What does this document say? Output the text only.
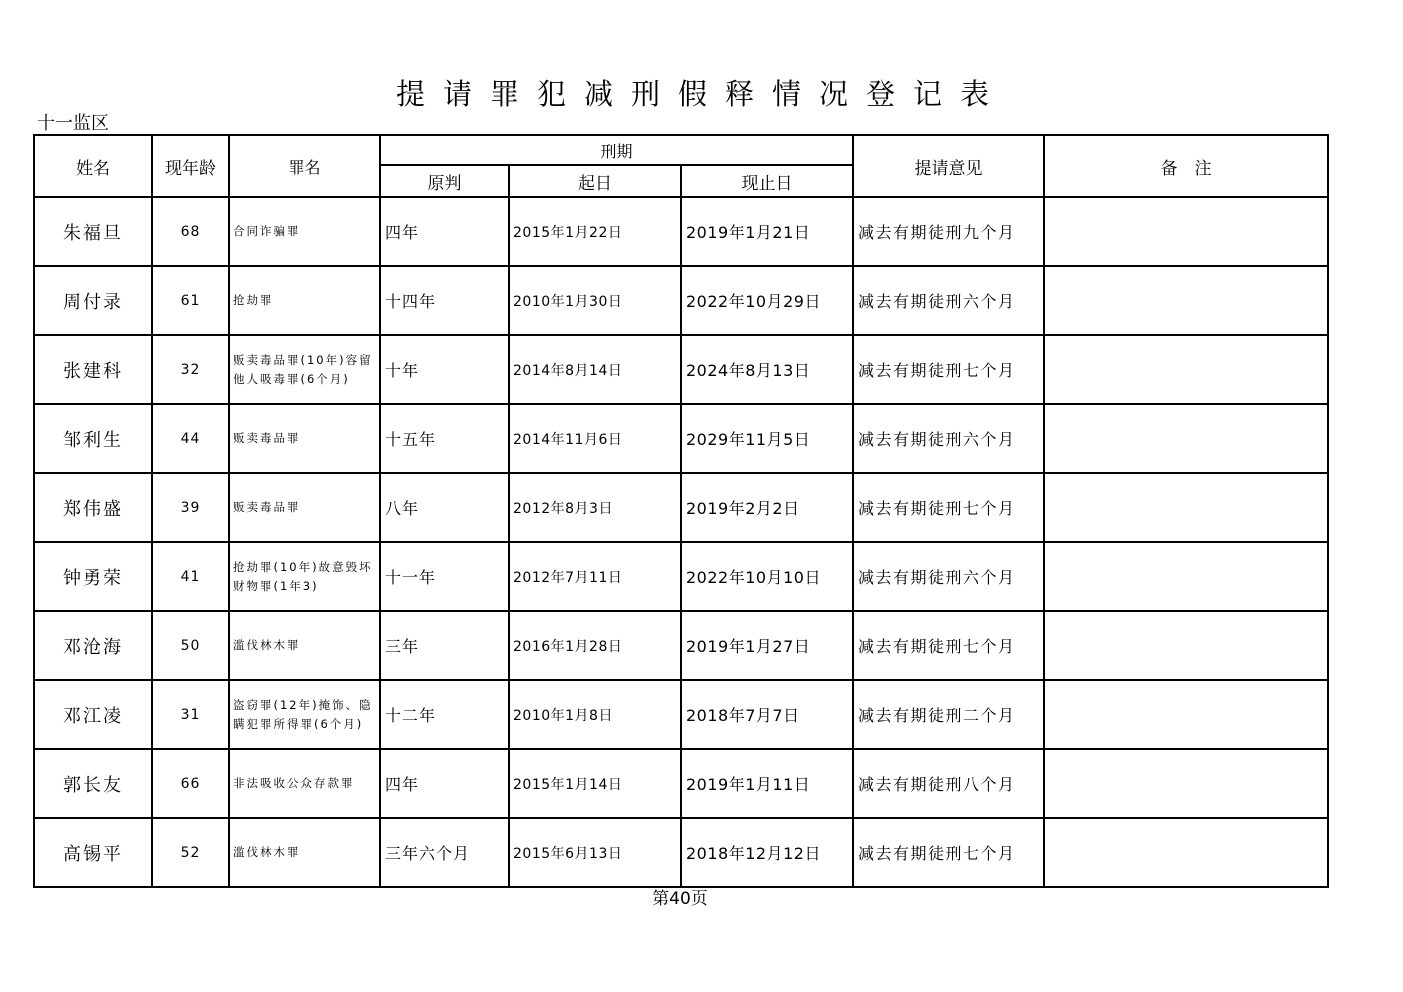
提请罪犯减刑假释情况登记表
十一监区
姓名	现年龄	罪名	刑期			提请意见	备　注
			原判	起日	现止日		
朱福旦	68	合同诈骗罪	四年	2015年1月22日	2019年1月21日	减去有期徒刑九个月	
周付录	61	抢劫罪	十四年	2010年1月30日	2022年10月29日	减去有期徒刑六个月	
张建科	32	贩卖毒品罪(10年)容留他人吸毒罪(6个月)	十年	2014年8月14日	2024年8月13日	减去有期徒刑七个月	
邹利生	44	贩卖毒品罪	十五年	2014年11月6日	2029年11月5日	减去有期徒刑六个月	
郑伟盛	39	贩卖毒品罪	八年	2012年8月3日	2019年2月2日	减去有期徒刑七个月	
钟勇荣	41	抢劫罪(10年)故意毁坏财物罪(1年3)	十一年	2012年7月11日	2022年10月10日	减去有期徒刑六个月	
邓沧海	50	滥伐林木罪	三年	2016年1月28日	2019年1月27日	减去有期徒刑七个月	
邓江凌	31	盗窃罪(12年)掩饰、隐瞒犯罪所得罪(6个月)	十二年	2010年1月8日	2018年7月7日	减去有期徒刑二个月	
郭长友	66	非法吸收公众存款罪	四年	2015年1月14日	2019年1月11日	减去有期徒刑八个月	
高锡平	52	滥伐林木罪	三年六个月	2015年6月13日	2018年12月12日	减去有期徒刑七个月	
第40页
